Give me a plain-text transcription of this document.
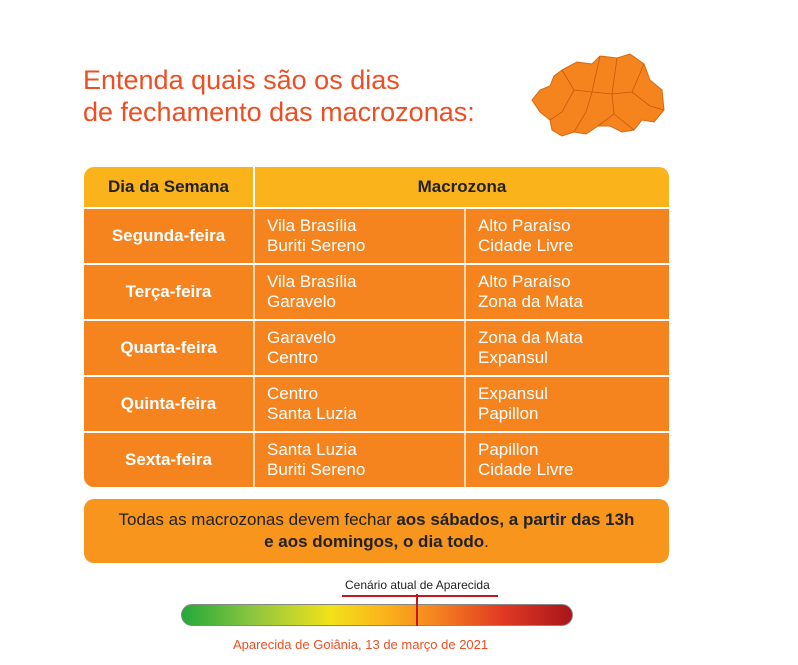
Entenda quais são os dias
de fechamento das macrozonas:
Dia da Semana	Macrozona
Segunda-feira
Vila Brasília
Buriti Sereno
Alto Paraíso
Cidade Livre
Terça-feira
Vila Brasília
Garavelo
Alto Paraíso
Zona da Mata
Quarta-feira
Garavelo
Centro
Zona da Mata
Expansul
Quinta-feira
Centro
Santa Luzia
Expansul
Papillon
Sexta-feira
Santa Luzia
Buriti Sereno
Papillon
Cidade Livre
Todas as macrozonas devem fechar aos sábados, a partir das 13h
e aos domingos, o dia todo.
Cenário atual de Aparecida
Aparecida de Goiânia, 13 de março de 2021
